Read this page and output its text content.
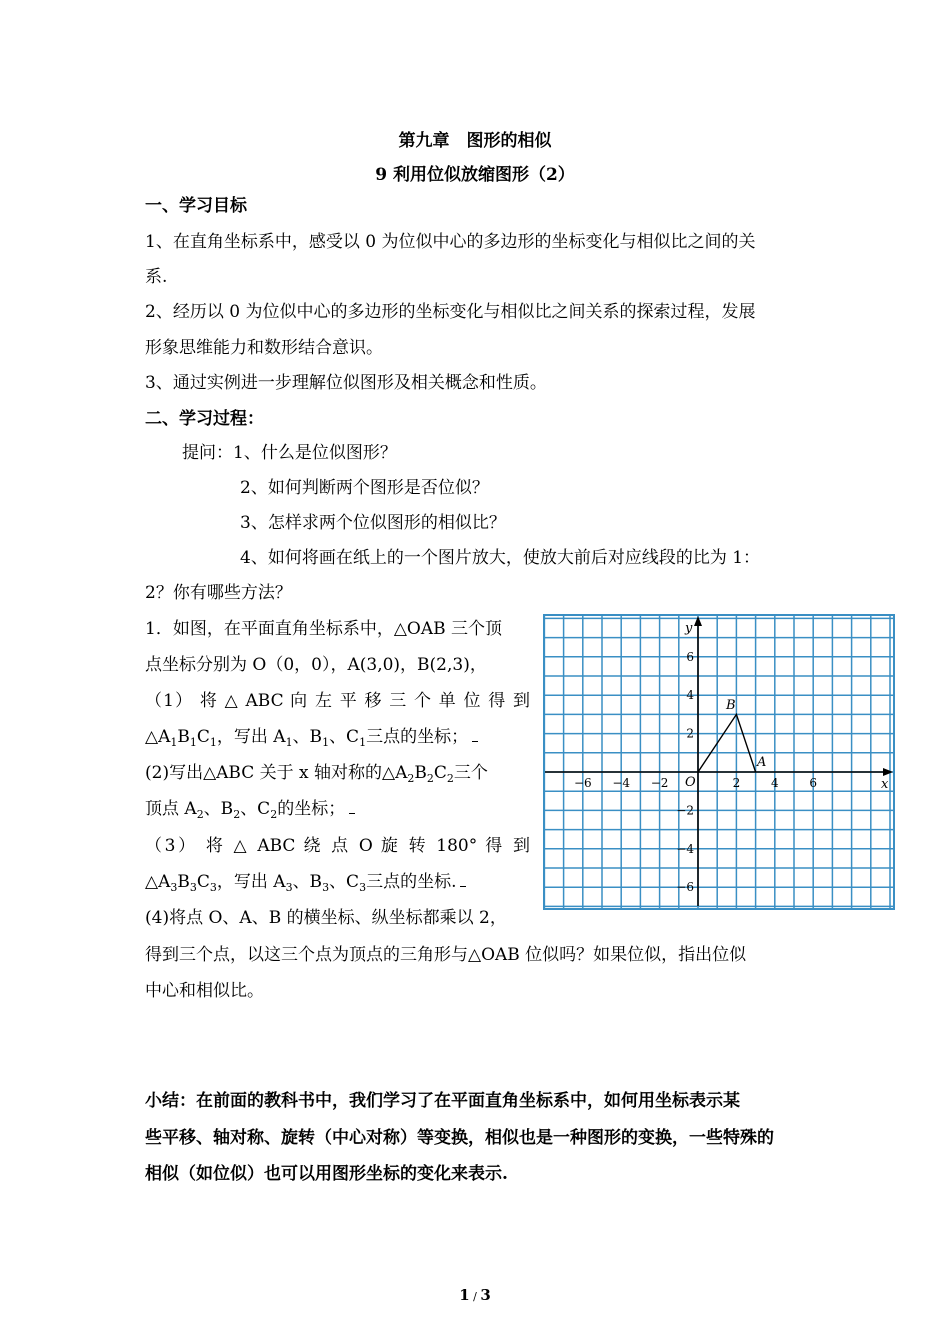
第九章　图形的相似
9 利用位似放缩图形（2）
一、学习目标
1、在直角坐标系中，感受以 0 为位似中心的多边形的坐标变化与相似比之间的关
系.
2、经历以 0 为位似中心的多边形的坐标变化与相似比之间关系的探索过程，发展
形象思维能力和数形结合意识。
3、通过实例进一步理解位似图形及相关概念和性质。
二、学习过程：
提问：1、什么是位似图形？
2、如何判断两个图形是否位似？
3、怎样求两个位似图形的相似比？
4、如何将画在纸上的一个图片放大，使放大前后对应线段的比为 1：
2？你有哪些方法？
1．如图，在平面直角坐标系中，△OAB 三个顶
点坐标分别为 O（0，0），A(3,0)，B(2,3)，
（1） 将 △ ABC 向 左 平 移 三 个 单 位 得 到
$\triangle A_1B_1C_1$，写出 $A_1$、$B_1$、$C_1$三点的坐标；
(2)写出△ABC 关于 x 轴对称的$\triangle A_2B_2C_2$三个
顶点 $A_2$、$B_2$、$C_2$的坐标；
（3） 将 △ ABC 绕 点 O 旋 转 180° 得 到
$\triangle A_3B_3C_3$，写出 $A_3$、$B_3$、$C_3$三点的坐标.
(4)将点 O、A、B 的横坐标、纵坐标都乘以 2，
得到三个点，以这三个点为顶点的三角形与△OAB 位似吗？如果位似，指出位似
中心和相似比。
−6 −4 −2	2	4	6
6
4
2
−2
−4
−6
O	x
y
B
A
小结：在前面的教科书中，我们学习了在平面直角坐标系中，如何用坐标表示某
些平移、轴对称、旋转（中心对称）等变换，相似也是一种图形的变换，一些特殊的
相似（如位似）也可以用图形坐标的变化来表示.
1 / 3
